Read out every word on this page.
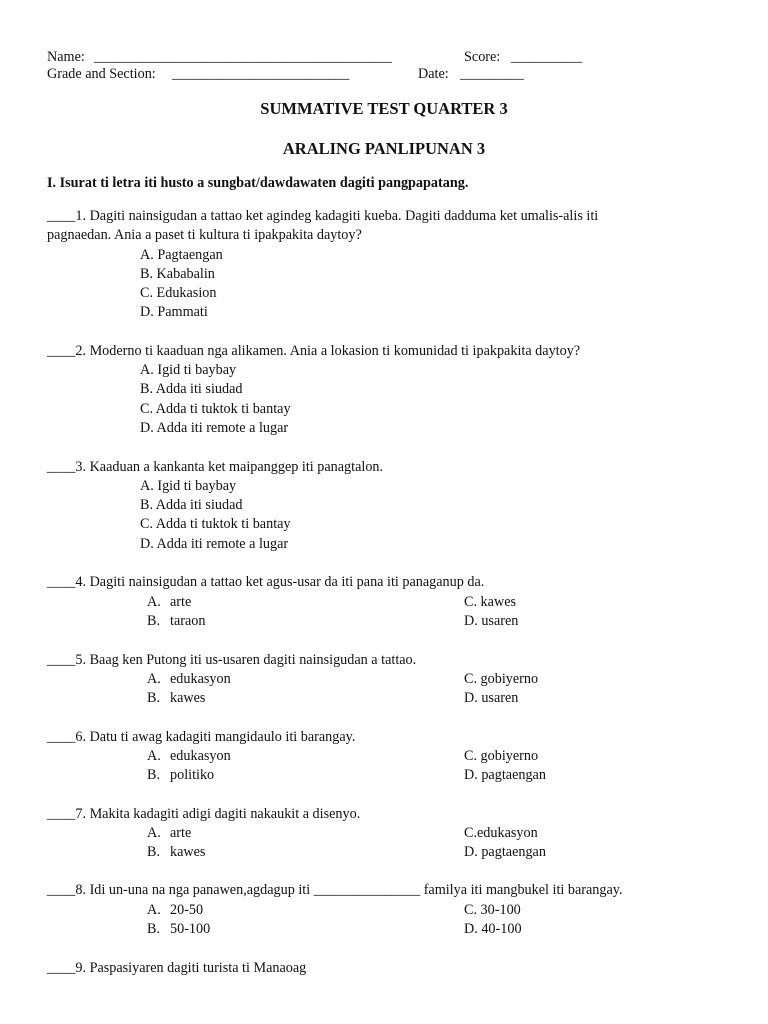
Name: __________________________________________	Score: __________
Grade and Section: _________________________	Date: _________
SUMMATIVE TEST QUARTER 3
ARALING PANLIPUNAN 3
I. Isurat ti letra iti husto a sungbat/dawdawaten dagiti pangpapatang.
____1. Dagiti nainsigudan a tattao ket agindeg kadagiti kueba. Dagiti dadduma ket umalis-alis iti
pagnaedan. Ania a paset ti kultura ti ipakpakita daytoy?
A. Pagtaengan
B. Kababalin
C. Edukasion
D. Pammati
____2. Moderno ti kaaduan nga alikamen. Ania a lokasion ti komunidad ti ipakpakita daytoy?
A. Igid ti baybay
B. Adda iti siudad
C. Adda ti tuktok ti bantay
D. Adda iti remote a lugar
____3. Kaaduan a kankanta ket maipanggep iti panagtalon.
A. Igid ti baybay
B. Adda iti siudad
C. Adda ti tuktok ti bantay
D. Adda iti remote a lugar
____4. Dagiti nainsigudan a tattao ket agus-usar da iti pana iti panaganup da.
A. arte
B. taraon
C. kawes
D. usaren
____5. Baag ken Putong iti us-usaren dagiti nainsigudan a tattao.
A. edukasyon
B. kawes
C. gobiyerno
D. usaren
____6. Datu ti awag kadagiti mangidaulo iti barangay.
A. edukasyon
B. politiko
C. gobiyerno
D. pagtaengan
____7. Makita kadagiti adigi dagiti nakaukit a disenyo.
A. arte
B. kawes
C.edukasyon
D. pagtaengan
____8. Idi un-una na nga panawen,agdagup iti _______________ familya iti mangbukel iti barangay.
A. 20-50
B. 50-100
C. 30-100
D. 40-100
____9. Paspasiyaren dagiti turista ti Manaoag
